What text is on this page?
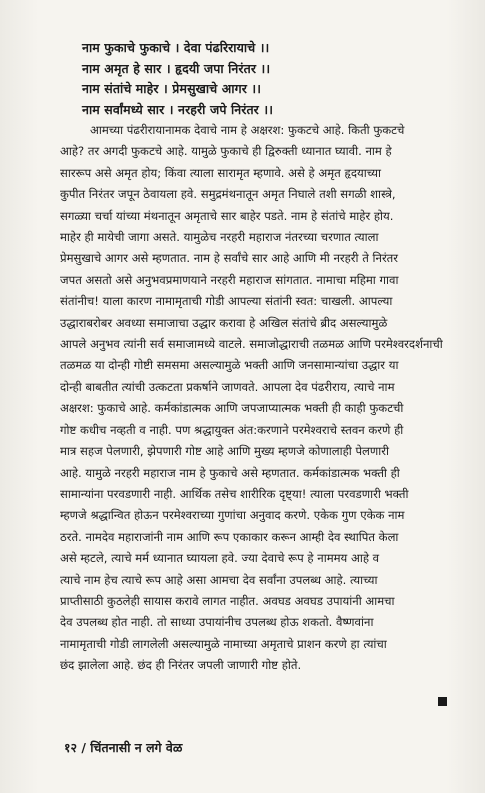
नाम फुकाचे फुकाचे । देवा पंढरिरायाचे ।।
नाम अमृत हे सार । हृदयी जपा निरंतर ।।
नाम संतांचे माहेर । प्रेमसुखाचे आगर ।।
नाम सर्वांमध्ये सार । नरहरी जपे निरंतर ।।
आमच्या पंढरीरायानामक देवाचे नाम हे अक्षरश: फुकटचे आहे. किती फुकटचे
आहे? तर अगदी फुकटचे आहे. यामुळे फुकाचे ही द्विरुक्ती ध्यानात घ्यावी. नाम हे
साररूप असे अमृत होय; किंवा त्याला सारामृत म्हणावे. असे हे अमृत हृदयाच्या
कुपीत निरंतर जपून ठेवायला हवे. समुद्रमंथनातून अमृत निघाले तशी सगळी शास्त्रे,
सगळ्या चर्चा यांच्या मंथनातून अमृताचे सार बाहेर पडते. नाम हे संतांचे माहेर होय.
माहेर ही मायेची जागा असते. यामुळेच नरहरी महाराज नंतरच्या चरणात त्याला
प्रेमसुखाचे आगर असे म्हणतात. नाम हे सर्वांचे सार आहे आणि मी नरहरी ते निरंतर
जपत असतो असे अनुभवप्रमाणयाने नरहरी महाराज सांगतात. नामाचा महिमा गावा
संतांनीच! याला कारण नामामृताची गोडी आपल्या संतांनी स्वत: चाखली. आपल्या
उद्धाराबरोबर अवध्या समाजाचा उद्धार करावा हे अखिल संतांचे ब्रीद असल्यामुळे
आपले अनुभव त्यांनी सर्व समाजामध्ये वाटले. समाजोद्धाराची तळमळ आणि परमेश्वरदर्शनाची
तळमळ या दोन्ही गोष्टी समसमा असल्यामुळे भक्ती आणि जनसामान्यांचा उद्धार या
दोन्ही बाबतीत त्यांची उत्कटता प्रकर्षाने जाणवते. आपला देव पंढरीराय, त्याचे नाम
अक्षरश: फुकाचे आहे. कर्मकांडात्मक आणि जपजाप्यात्मक भक्ती ही काही फुकटची
गोष्ट कधीच नव्हती व नाही. पण श्रद्धायुक्त अंत:करणाने परमेश्वराचे स्तवन करणे ही
मात्र सहज पेलणारी, झेपणारी गोष्ट आहे आणि मुख्य म्हणजे कोणालाही पेलणारी
आहे. यामुळे नरहरी महाराज नाम हे फुकाचे असे म्हणतात. कर्मकांडात्मक भक्ती ही
सामान्यांना परवडणारी नाही. आर्थिक तसेच शारीरिक दृष्ट्या! त्याला परवडणारी भक्ती
म्हणजे श्रद्धान्वित होऊन परमेश्वराच्या गुणांचा अनुवाद करणे. एकेक गुण एकेक नाम
ठरते. नामदेव महाराजांनी नाम आणि रूप एकाकार करून आम्ही देव स्थापित केला
असे म्हटले, त्याचे मर्म ध्यानात घ्यायला हवे. ज्या देवाचे रूप हे नाममय आहे व
त्याचे नाम हेच त्याचे रूप आहे असा आमचा देव सर्वांना उपलब्ध आहे. त्याच्या
प्राप्तीसाठी कुठलेही सायास करावे लागत नाहीत. अवघड अवघड उपायांनी आमचा
देव उपलब्ध होत नाही. तो साध्या उपायांनीच उपलब्ध होऊ शकतो. वैष्णवांना
नामामृताची गोडी लागलेली असल्यामुळे नामाच्या अमृताचे प्राशन करणे हा त्यांचा
छंद झालेला आहे. छंद ही निरंतर जपली जाणारी गोष्ट होते.
१२ / चिंतनासी न लगे वेळ
